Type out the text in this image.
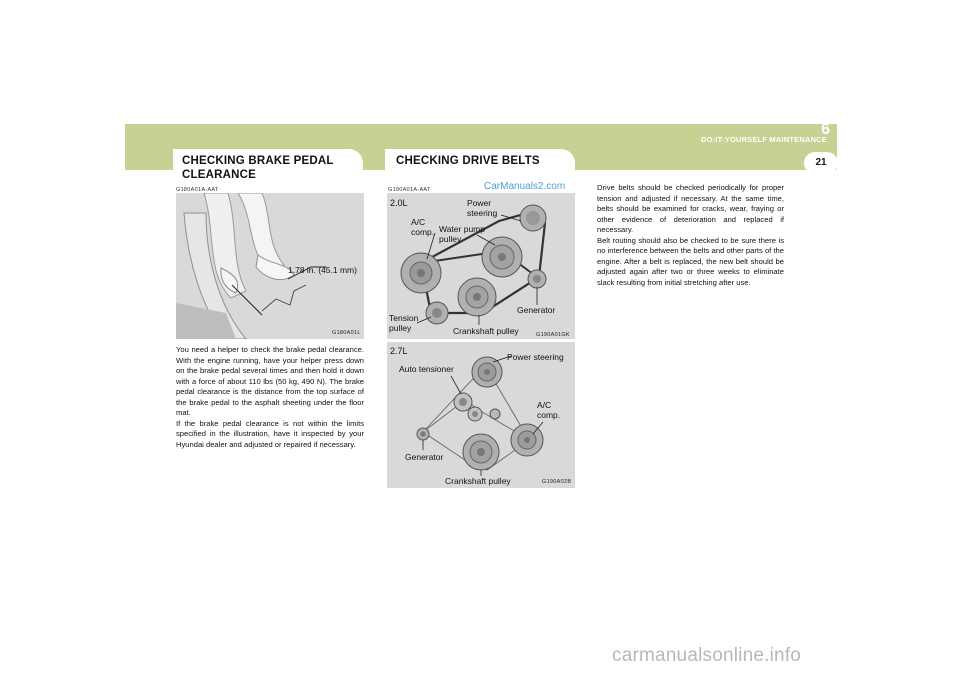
DO-IT-YOURSELF MAINTENANCE
6
21
CHECKING BRAKE PEDAL
CLEARANCE
G180A01A-AAT
1.78 in. (45.1 mm)
G180A01L
You need a helper to check the brake pedal clearance. With the engine running, have your helper press down on the brake pedal several times and then hold it down with a force of about 110 lbs (50 kg, 490 N). The brake pedal clearance is the distance from the top surface of the brake pedal to the asphalt sheeting under the floor mat.
If the brake pedal clearance is not within the limits specified in the illustration, have it inspected by your Hyundai dealer and adjusted or repaired if necessary.
CHECKING DRIVE BELTS
G190A01A-AAT	CarManuals2.com
2.0L	Power
steering
A/C
comp. Water pump
pulley
Generator
Tension
pulley	Crankshaft pulley	G190A01GK
2.7L
Power steering
Auto tensioner
A/C
comp.
Generator
Crankshaft pulley	G190A02B
Drive belts should be checked periodically for proper tension and adjusted if necessary. At the same time, belts should be examined for cracks, wear, fraying or other evidence of deterioration and replaced if necessary.
Belt routing should also be checked to be sure there is no interference between the belts and other parts of the engine. After a belt is replaced, the new belt should be adjusted again after two or three weeks to eliminate slack resulting from initial stretching after use.
carmanualsonline.info
